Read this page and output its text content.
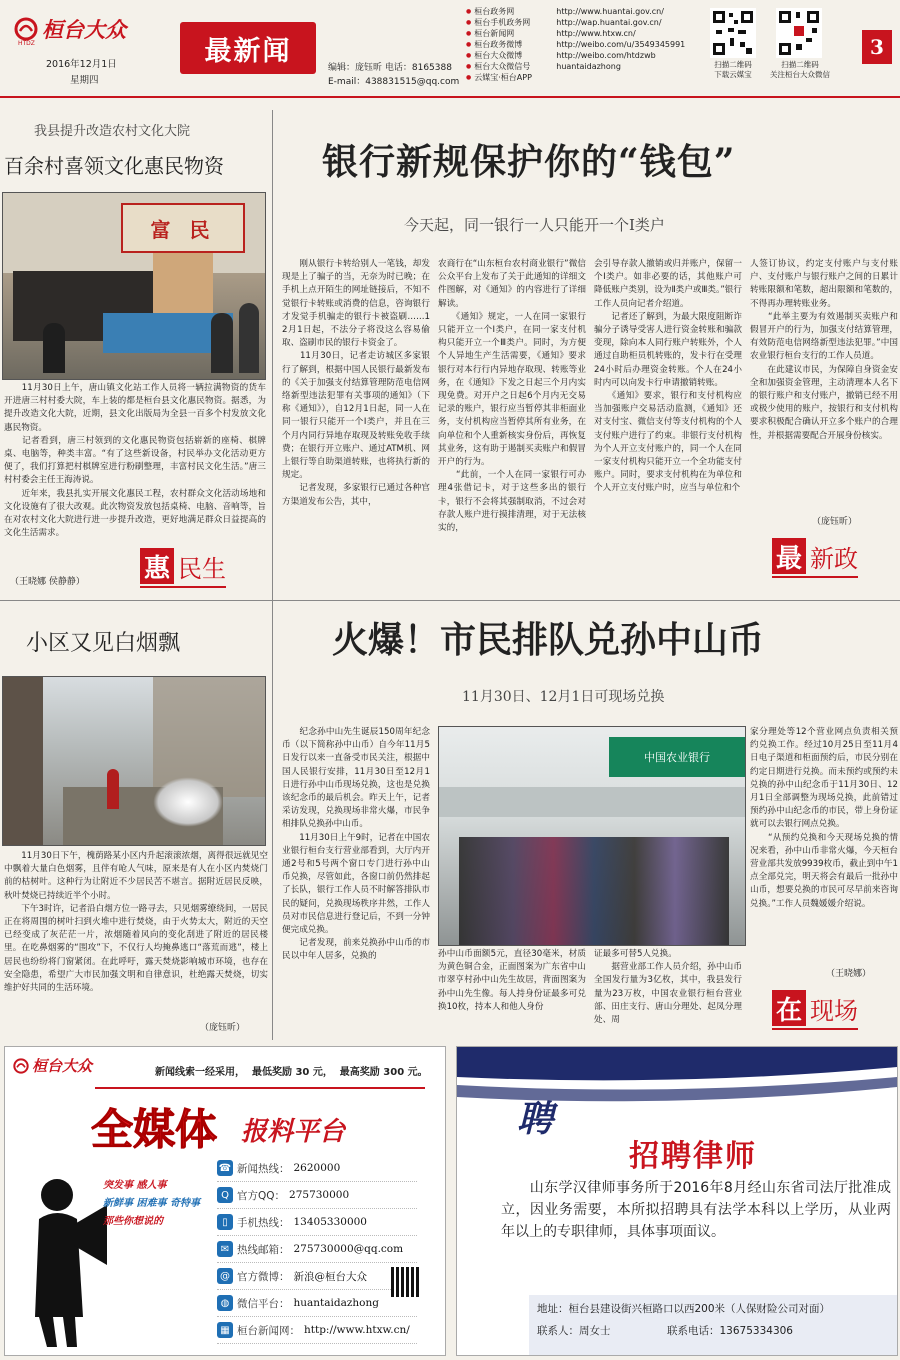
桓台大众
HTDZ
2016年12月1日
星期四
最新闻
编辑：庞钰昕 电话：8165388
E-mail：438831515@qq.com
● 桓台政务网	http://www.huantai.gov.cn/
● 桓台手机政务网	http://wap.huantai.gov.cn/
● 桓台新闻网	http://www.htxw.cn/
● 桓台政务微博	http://weibo.com/u/3549345991
● 桓台大众微博	http://weibo.com/htdzwb
● 桓台大众微信号	huantaidazhong
● 云媒宝·桓台APP
扫描二维码
下载云媒宝
扫描二维码
关注桓台大众微信
3
我县提升改造农村文化大院
百余村喜领文化惠民物资
富 民
　　11月30日上午，唐山镇文化站工作人员将一辆拉满物资的货车开进唐三村村委大院，车上装的都是桓台县文化惠民物资。据悉，为提升改造文化大院，近期，县文化出版局为全县一百多个村发放文化惠民物资。
　　记者看到，唐三村领到的文化惠民物资包括崭新的座椅、棋牌桌、电脑等，种类丰富。“有了这些新设备，村民举办文化活动更方便了，我们打算把村棋牌室进行粉刷整理，丰富村民文化生活。”唐三村村委会主任王海涛说。
　　近年来，我县扎实开展文化惠民工程，农村群众文化活动场地和文化设施有了很大改观。此次物资发放包括桌椅、电脑、音响等，旨在对农村文化大院进行进一步提升改造，更好地满足群众日益提高的文化生活需求。
（王晓娜 侯静静） 惠 民生
银行新规保护你的“钱包”
今天起，同一银行一人只能开一个Ⅰ类户
　　刚从银行卡转给别人一笔钱，却发现是上了骗子的当，无奈为时已晚；在手机上点开陌生的网址链接后，不知不觉银行卡转账或消费的信息，咨询银行才发觉手机骗走的银行卡被盗刷……12月1日起，不法分子将没这么容易偷取、盗刷市民的银行卡资金了。
　　11月30日，记者走访城区多家银行了解到，根据中国人民银行最新发布的《关于加强支付结算管理防范电信网络新型违法犯罪有关事项的通知》（下称《通知》），自12月1日起，同一人在同一银行只能开一个Ⅰ类户，并且在三个月内同行异地存取现及转账免收手续费；在银行开立账户、通过ATM机、网上银行等自助渠道转账，也将执行新的规定。
　　记者发现，多家银行已通过各种官方渠道发布公告，其中，
农商行在“山东桓台农村商业银行”微信公众平台上发布了关于此通知的详细文件图解，对《通知》的内容进行了详细解读。
　　《通知》规定，一人在同一家银行只能开立一个Ⅰ类户，在同一家支付机构只能开立一个Ⅲ类户。同时，为方便个人异地生产生活需要，《通知》要求银行对本行行内异地存取现、转账等业务，在《通知》下发之日起三个月内实现免费。对开户之日起6个月内无交易记录的账户，银行应当暂停其非柜面业务，支付机构应当暂停其所有业务，在向单位和个人重新核实身份后，再恢复其业务，这有助于遏制买卖账户和假冒开户的行为。
　　“此前，一个人在同一家银行可办理4张借记卡，对于这些多出的银行卡，银行不会将其强制取消，不过会对存款人账户进行摸排清理，对于无法核实的，
会引导存款人撤销或归并账户，保留一个Ⅰ类户。如非必要的话，其他账户可降低账户类别，设为Ⅱ类户或Ⅲ类。”银行工作人员向记者介绍道。
　　记者还了解到，为最大限度阻断诈骗分子诱导受害人进行资金转账和骗款变现，除向本人同行账户转账外，个人通过自助柜员机转账的，发卡行在受理24小时后办理资金转账。个人在24小时内可以向发卡行申请撤销转账。
　　《通知》要求，银行和支付机构应当加强账户交易活动监测，《通知》还对支付宝、微信支付等支付机构的个人支付账户进行了约束。非银行支付机构为个人开立支付账户的，同一个人在同一家支付机构只能开立一个全功能支付账户。同时，要求支付机构在为单位和个人开立支付账户时，应当与单位和个
人签订协议，约定支付账户与支付账户、支付账户与银行账户之间的日累计转账限额和笔数，超出限额和笔数的，不得再办理转账业务。
　　“此举主要为有效遏制买卖账户和假冒开户的行为，加强支付结算管理，有效防范电信网络新型违法犯罪。”中国农业银行桓台支行的工作人员道。
　　在此建议市民，为保障自身资金安全和加强资金管理，主动清理本人名下的银行账户和支付账户，撤销已经不用或极少使用的账户，按银行和支付机构要求积极配合确认开立多个账户的合理性，并根据需要配合开展身份核实。
（庞钰昕）
最 新政
小区又见白烟飘
　　11月30日下午，槐荫路某小区内升起滚滚浓烟，离得很远就见空中飘着大量白色烟雾，且伴有呛人气味，原来是有人在小区内焚烧门前的枯树叶。这种行为让附近不少居民苦不堪言。据附近居民反映，秋叶焚烧已持续近半个小时。
　　下午3时许，记者沿白烟方位一路寻去，只见烟雾缭绕间，一居民正在将周围的树叶扫到火堆中进行焚烧，由于火势太大，附近的天空已经变成了灰茫茫一片，浓烟随着风向的变化刮进了附近的居民楼里。在吃鼻烟雾的“围攻”下，不仅行人均掩鼻逃口“落荒而逃”，楼上居民也纷纷将门窗紧闭。在此呼吁，露天焚烧影响城市环境，也存在安全隐患，希望广大市民加强文明和自律意识，杜绝露天焚烧，切实维护好共同的生活环境。
（庞钰昕）
火爆！市民排队兑孙中山币
11月30日、12月1日可现场兑换
　　纪念孙中山先生诞辰150周年纪念币（以下简称孙中山币）自今年11月5日发行以来一直备受市民关注，根据中国人民银行安排，11月30日至12月1日进行孙中山币现场兑换，这也是兑换该纪念币的最后机会。昨天上午，记者采访发现，兑换现场非常火爆，市民争相排队兑换孙中山币。
　　11月30日上午9时，记者在中国农业银行桓台支行营业部看到，大厅内开通2号和5号两个窗口专门进行孙中山币兑换，尽管如此，各窗口前仍然排起了长队，银行工作人员不时解答排队市民的疑问，兑换现场秩序井然，工作人员对市民信息进行登记后，不到一分钟便完成兑换。
　　记者发现，前来兑换孙中山币的市民以中年人居多，兑换的
中国农业银行
孙中山币面额5元，直径30毫米，材质为黄色铜合金，正面图案为广东省中山市翠亨村孙中山先生故居，背面图案为孙中山先生像。每人持身份证最多可兑换10枚，持本人和他人身份
证最多可替5人兑换。
　　据营业部工作人员介绍，孙中山币全国发行量为3亿枚，其中，我县发行量为23万枚，中国农业银行桓台营业部、田庄支行、唐山分理处、起凤分理处、周
家分理处等12个营业网点负责相关预约兑换工作。经过10月25日至11月4日电子渠道和柜面预约后，市民分别在约定日期进行兑换。而未预约或预约未兑换的孙中山纪念币于11月30日、12月1日全部调整为现场兑换，此前错过预约孙中山纪念币的市民，带上身份证就可以去银行网点兑换。
　　“从预约兑换和今天现场兑换的情况来看，孙中山币非常火爆，今天桓台营业部共发放9939枚币，截止到中午1点全部兑完，明天将会有最后一批孙中山币，想要兑换的市民可尽早前来咨询兑换。”工作人员魏媛媛介绍说。
（王晓娜）
在 现场
桓台大众	新闻线索一经采用，  最低奖励 30 元，  最高奖励 300 元。
全媒体 报料平台
突发事 感人事
新鲜事 困难事 奇特事
那些你想说的
☎ 新闻热线： 2620000
Q 官方QQ： 275730000
▯ 手机热线： 13405330000
✉ 热线邮箱： 275730000@qq.com
@ 官方微博： 新浪@桓台大众
◍ 微信平台： huantaidazhong
▦ 桓台新闻网： http://www.htxw.cn/
聘
招聘律师
　　山东学汉律师事务所于2016年8月经山东省司法厅批准成立，因业务需要，本所拟招聘具有法学本科以上学历，从业两年以上的专职律师，具体事项面议。
地址：桓台县建设街兴桓路口以西200米（人保财险公司对面）
联系人：周女士	联系电话：13675334306
